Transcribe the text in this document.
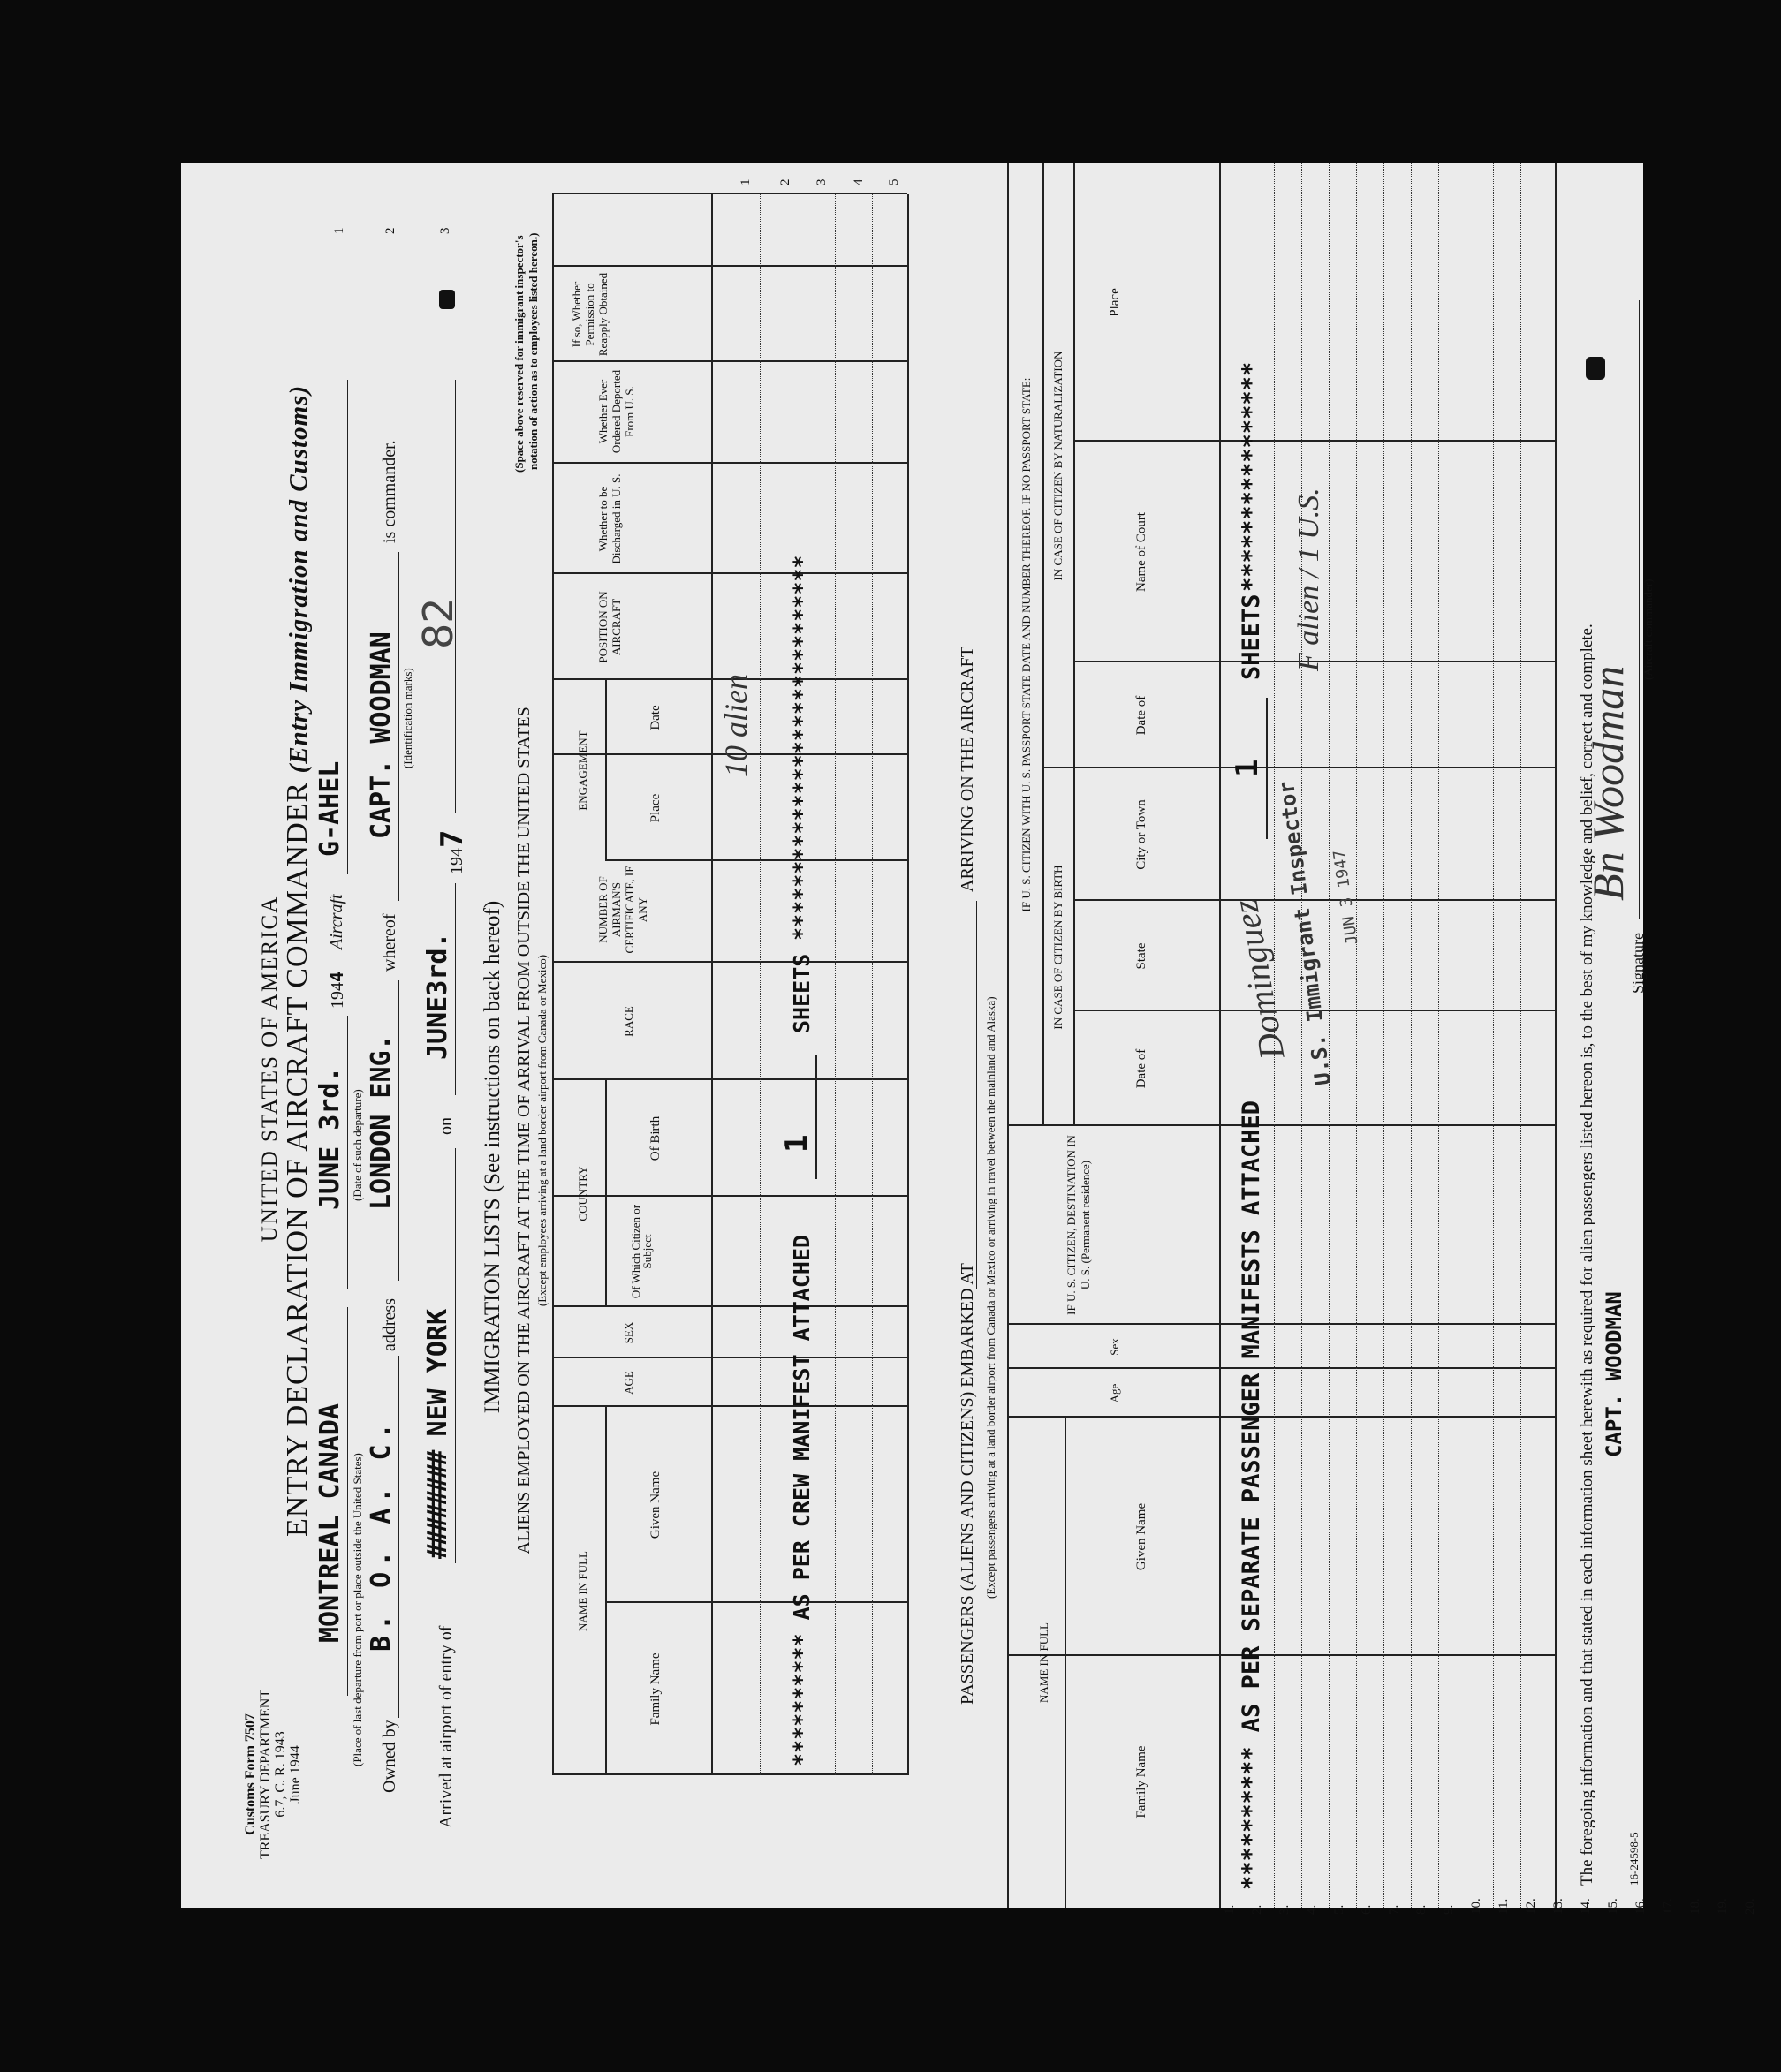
Customs Form 7507 TREASURY DEPARTMENT 6.7, C. R. 1943 June 1944
UNITED STATES OF AMERICA ENTRY DECLARATION OF AIRCRAFT COMMANDER (Entry Immigration and Customs)
MONTREAL CANADA
JUNE 3rd.
1944
Aircraft
G-AHEL
1
(Place of last departure from port or place outside the United States)
(Date of such departure)
Owned by
B. O. A. C.
address
LONDON ENG.
whereof
CAPT. WOODMAN
is commander.
(Identification marks)
2
Arrived at airport of entry of
######## NEW YORK
on
JUNE3rd.
1947
82
3
IMMIGRATION LISTS (See instructions on back hereof) ALIENS EMPLOYED ON THE AIRCRAFT AT THE TIME OF ARRIVAL FROM OUTSIDE THE UNITED STATES (Except employees arriving at a land border airport from Canada or Mexico)
(Space above reserved for immigrant inspector's notation of action as to employees listed hereon.)
NAME IN FULL
Family Name
Given Name
AGE
SEX
COUNTRY
Of Which Citizen or Subject
Of Birth
RACE
NUMBER OF AIRMAN'S CERTIFICATE, IF ANY
ENGAGEMENT	Place
Date
POSITION ON AIRCRAFT
Whether to be Discharged in U. S.
Whether Ever Ordered Deported From U. S.
If so, Whether Permission to Reapply Obtained
1 2 3 4 5
********** AS PER CREW MANIFEST ATTACHED
1
SHEETS
*****************************
10 alien
PASSENGERS (ALIENS AND CITIZENS) EMBARKED AT
ARRIVING ON THE AIRCRAFT
(Except passengers arriving at a land border airport from Canada or Mexico or arriving in travel between the mainland and Alaska)
NAME IN FULL
Family Name
Given Name
Age
Sex
IF U. S. CITIZEN, DESTINATION IN U. S. (Permanent residence)
IF U. S. CITIZEN WITH U. S. PASSPORT STATE DATE AND NUMBER THEREOF. IF NO PASSPORT STATE:
IN CASE OF CITIZEN BY BIRTH
IN CASE OF CITIZEN BY NATURALIZATION
Date of
State
City or Town
Date of
Name of Court
Place
1. 2. 3. 4. 5.
********** AS PER SEPARATE PASSENGER MANIFESTS ATTACHED
1
SHEETS
****************
U.S. Immigrant Inspector
JUN 3 1947
Dominguez
F alien / 1 U.S.
The foregoing information and that stated in each information sheet herewith as required for alien passengers listed hereon is, to the best of my knowledge and belief, correct and complete. Signature
Bn Woodman
CAPT. WOODMAN
(Aircraft commander)
16-24598-5
6. 7. 8. 9. 10. 11. 12. 13. 14. 15. 16. 17. 18. 19. 20.
